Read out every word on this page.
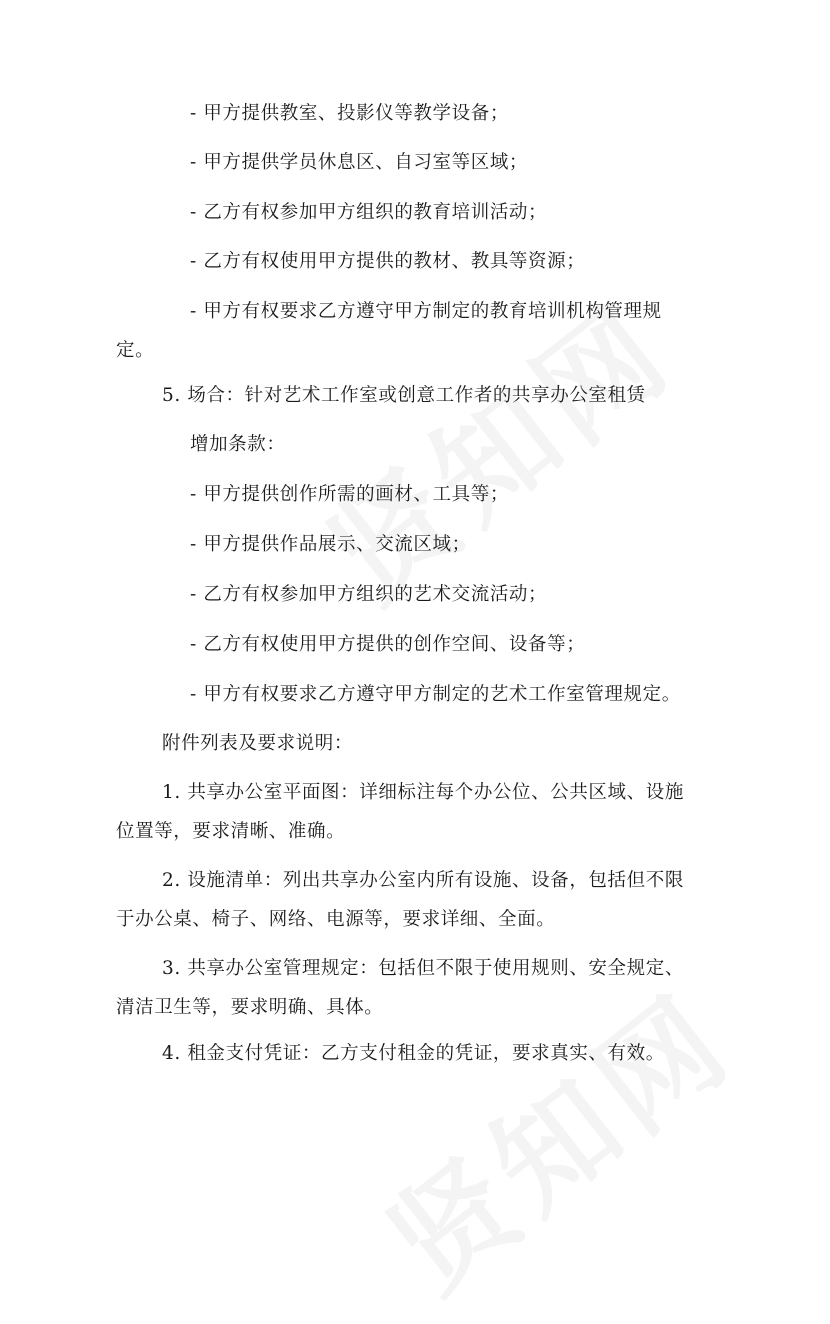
- 甲方提供教室、投影仪等教学设备；
- 甲方提供学员休息区、自习室等区域；
- 乙方有权参加甲方组织的教育培训活动；
- 乙方有权使用甲方提供的教材、教具等资源；
- 甲方有权要求乙方遵守甲方制定的教育培训机构管理规
定。
5. 场合：针对艺术工作室或创意工作者的共享办公室租赁
增加条款：
- 甲方提供创作所需的画材、工具等；
- 甲方提供作品展示、交流区域；
- 乙方有权参加甲方组织的艺术交流活动；
- 乙方有权使用甲方提供的创作空间、设备等；
- 甲方有权要求乙方遵守甲方制定的艺术工作室管理规定。
附件列表及要求说明：
1. 共享办公室平面图：详细标注每个办公位、公共区域、设施
位置等，要求清晰、准确。
2. 设施清单：列出共享办公室内所有设施、设备，包括但不限
于办公桌、椅子、网络、电源等，要求详细、全面。
3. 共享办公室管理规定：包括但不限于使用规则、安全规定、
清洁卫生等，要求明确、具体。
4. 租金支付凭证：乙方支付租金的凭证，要求真实、有效。
